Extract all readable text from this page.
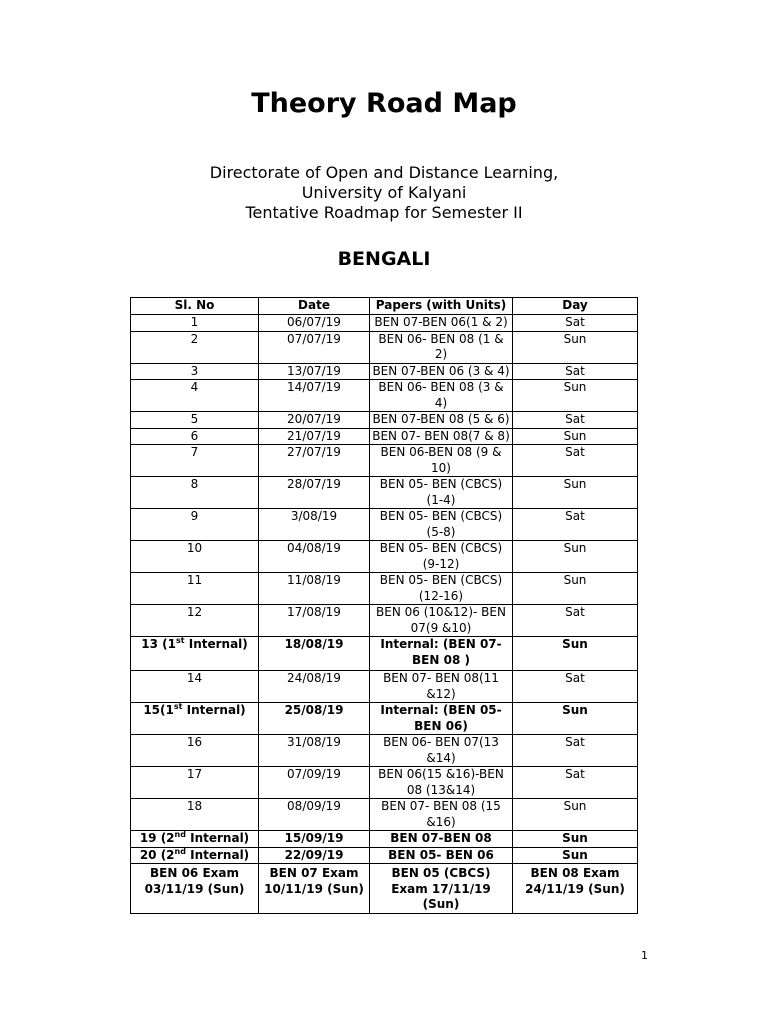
Theory Road Map
Directorate of Open and Distance Learning,
University of Kalyani
Tentative Roadmap for Semester II
BENGALI
Sl. No	Date	Papers (with Units)	Day
1	06/07/19	BEN 07-BEN 06(1 & 2)	Sat
2	07/07/19	BEN 06- BEN 08 (1 & 2)	Sun
3	13/07/19	BEN 07-BEN 06 (3 & 4)	Sat
4	14/07/19	BEN 06- BEN 08 (3 & 4)	Sun
5	20/07/19	BEN 07-BEN 08 (5 & 6)	Sat
6	21/07/19	BEN 07- BEN 08(7 & 8)	Sun
7	27/07/19	BEN 06-BEN 08 (9 & 10)	Sat
8	28/07/19	BEN 05- BEN (CBCS)(1-4)	Sun
9	3/08/19	BEN 05- BEN (CBCS)(5-8)	Sat
10	04/08/19	BEN 05- BEN (CBCS)(9-12)	Sun
11	11/08/19	BEN 05- BEN (CBCS)(12-16)	Sun
12	17/08/19	BEN 06 (10&12)- BEN 07(9 &10)	Sat
13 (1st Internal)	18/08/19	Internal: (BEN 07-BEN 08 )	Sun
14	24/08/19	BEN 07- BEN 08(11 &12)	Sat
15(1st Internal)	25/08/19	Internal: (BEN 05-BEN 06)	Sun
16	31/08/19	BEN 06- BEN 07(13 &14)	Sat
17	07/09/19	BEN 06(15 &16)-BEN 08 (13&14)	Sat
18	08/09/19	BEN 07- BEN 08 (15 &16)	Sun
19 (2nd Internal)	15/09/19	BEN 07-BEN 08	Sun
20 (2nd Internal)	22/09/19	BEN 05- BEN 06	Sun
BEN 06 Exam 03/11/19 (Sun)	BEN 07 Exam 10/11/19 (Sun)	BEN 05 (CBCS) Exam 17/11/19 (Sun)	BEN 08 Exam 24/11/19 (Sun)
1
